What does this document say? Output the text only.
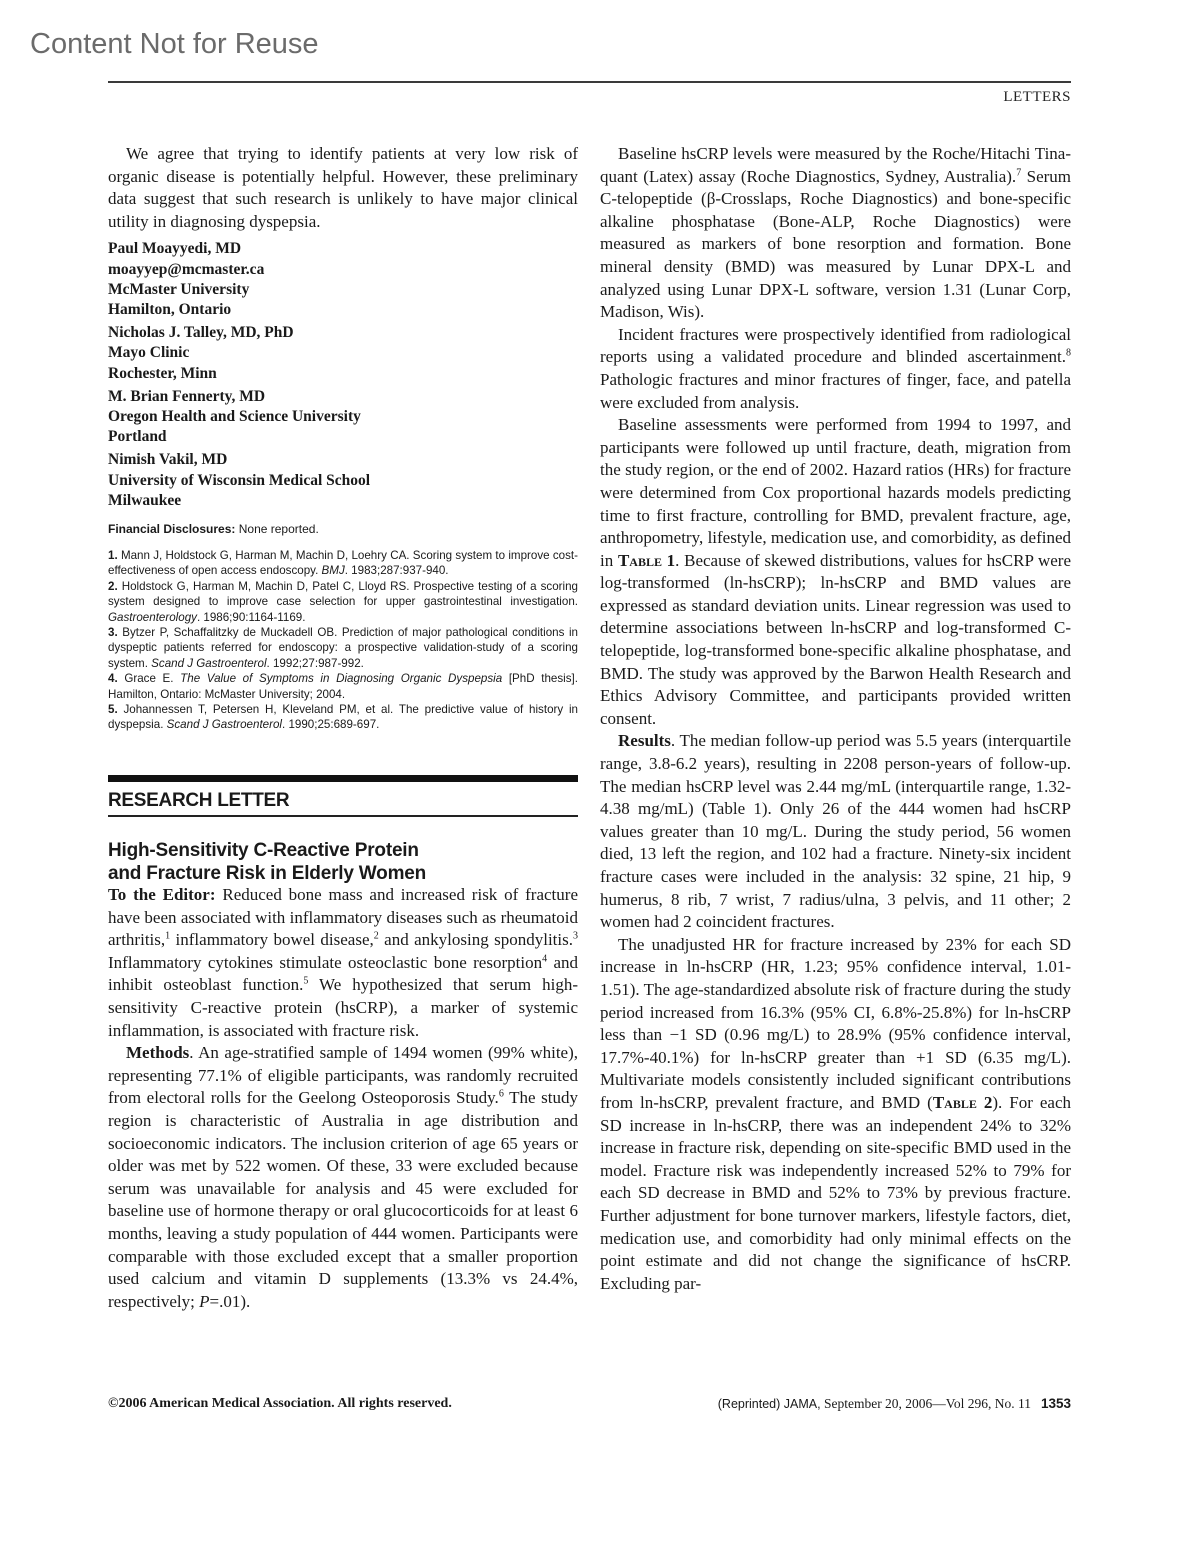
Content Not for Reuse
LETTERS

We agree that trying to identify patients at very low risk of organic disease is potentially helpful. However, these preliminary data suggest that such research is unlikely to have major clinical utility in diagnosing dyspepsia.

Paul Moayyedi, MD
moayyep@mcmaster.ca
McMaster University
Hamilton, Ontario
Nicholas J. Talley, MD, PhD
Mayo Clinic
Rochester, Minn
M. Brian Fennerty, MD
Oregon Health and Science University
Portland
Nimish Vakil, MD
University of Wisconsin Medical School
Milwaukee
Financial Disclosures: None reported.
1. Mann J, Holdstock G, Harman M, Machin D, Loehry CA. Scoring system to improve cost-effectiveness of open access endoscopy. BMJ. 1983;287:937-940.
2. Holdstock G, Harman M, Machin D, Patel C, Lloyd RS. Prospective testing of a scoring system designed to improve case selection for upper gastrointestinal investigation. Gastroenterology. 1986;90:1164-1169.
3. Bytzer P, Schaffalitzky de Muckadell OB. Prediction of major pathological conditions in dyspeptic patients referred for endoscopy: a prospective validation-study of a scoring system. Scand J Gastroenterol. 1992;27:987-992.
4. Grace E. The Value of Symptoms in Diagnosing Organic Dyspepsia [PhD thesis]. Hamilton, Ontario: McMaster University; 2004.
5. Johannessen T, Petersen H, Kleveland PM, et al. The predictive value of history in dyspepsia. Scand J Gastroenterol. 1990;25:689-697.
RESEARCH LETTER
High-Sensitivity C-Reactive Protein
and Fracture Risk in Elderly Women

To the Editor: Reduced bone mass and increased risk of fracture have been associated with inflammatory diseases such as rheumatoid arthritis,$^1$ inflammatory bowel disease,$^2$ and ankylosing spondylitis.$^3$ Inflammatory cytokines stimulate osteoclastic bone resorption$^4$ and inhibit osteoblast function.$^5$ We hypothesized that serum high-sensitivity C-reactive protein (hsCRP), a marker of systemic inflammation, is associated with fracture risk.

Methods. An age-stratified sample of 1494 women (99% white), representing 77.1% of eligible participants, was randomly recruited from electoral rolls for the Geelong Osteoporosis Study.$^6$ The study region is characteristic of Australia in age distribution and socioeconomic indicators. The inclusion criterion of age 65 years or older was met by 522 women. Of these, 33 were excluded because serum was unavailable for analysis and 45 were excluded for baseline use of hormone therapy or oral glucocorticoids for at least 6 months, leaving a study population of 444 women. Participants were comparable with those excluded except that a smaller proportion used calcium and vitamin D supplements (13.3% vs 24.4%, respectively; P=.01).

Baseline hsCRP levels were measured by the Roche/Hitachi Tina-quant (Latex) assay (Roche Diagnostics, Sydney, Australia).$^7$ Serum C-telopeptide (β-Crosslaps, Roche Diagnostics) and bone-specific alkaline phosphatase (Bone-ALP, Roche Diagnostics) were measured as markers of bone resorption and formation. Bone mineral density (BMD) was measured by Lunar DPX-L and analyzed using Lunar DPX-L software, version 1.31 (Lunar Corp, Madison, Wis).

Incident fractures were prospectively identified from radiological reports using a validated procedure and blinded ascertainment.$^8$ Pathologic fractures and minor fractures of finger, face, and patella were excluded from analysis.

Baseline assessments were performed from 1994 to 1997, and participants were followed up until fracture, death, migration from the study region, or the end of 2002. Hazard ratios (HRs) for fracture were determined from Cox proportional hazards models predicting time to first fracture, controlling for BMD, prevalent fracture, age, anthropometry, lifestyle, medication use, and comorbidity, as defined in Table 1. Because of skewed distributions, values for hsCRP were log-transformed (ln-hsCRP); ln-hsCRP and BMD values are expressed as standard deviation units. Linear regression was used to determine associations between ln-hsCRP and log-transformed C-telopeptide, log-transformed bone-specific alkaline phosphatase, and BMD. The study was approved by the Barwon Health Research and Ethics Advisory Committee, and participants provided written consent.

Results. The median follow-up period was 5.5 years (interquartile range, 3.8-6.2 years), resulting in 2208 person-years of follow-up. The median hsCRP level was 2.44 mg/mL (interquartile range, 1.32-4.38 mg/mL) (Table 1). Only 26 of the 444 women had hsCRP values greater than 10 mg/L. During the study period, 56 women died, 13 left the region, and 102 had a fracture. Ninety-six incident fracture cases were included in the analysis: 32 spine, 21 hip, 9 humerus, 8 rib, 7 wrist, 7 radius/ulna, 3 pelvis, and 11 other; 2 women had 2 coincident fractures.

The unadjusted HR for fracture increased by 23% for each SD increase in ln-hsCRP (HR, 1.23; 95% confidence interval, 1.01-1.51). The age-standardized absolute risk of fracture during the study period increased from 16.3% (95% CI, 6.8%-25.8%) for ln-hsCRP less than −1 SD (0.96 mg/L) to 28.9% (95% confidence interval, 17.7%-40.1%) for ln-hsCRP greater than +1 SD (6.35 mg/L). Multivariate models consistently included significant contributions from ln-hsCRP, prevalent fracture, and BMD (Table 2). For each SD increase in ln-hsCRP, there was an independent 24% to 32% increase in fracture risk, depending on site-specific BMD used in the model. Fracture risk was independently increased 52% to 79% for each SD decrease in BMD and 52% to 73% by previous fracture. Further adjustment for bone turnover markers, lifestyle factors, diet, medication use, and comorbidity had only minimal effects on the point estimate and did not change the significance of hsCRP. Excluding par-

©2006 American Medical Association. All rights reserved.	(Reprinted) JAMA, September 20, 2006—Vol 296, No. 11 1353
